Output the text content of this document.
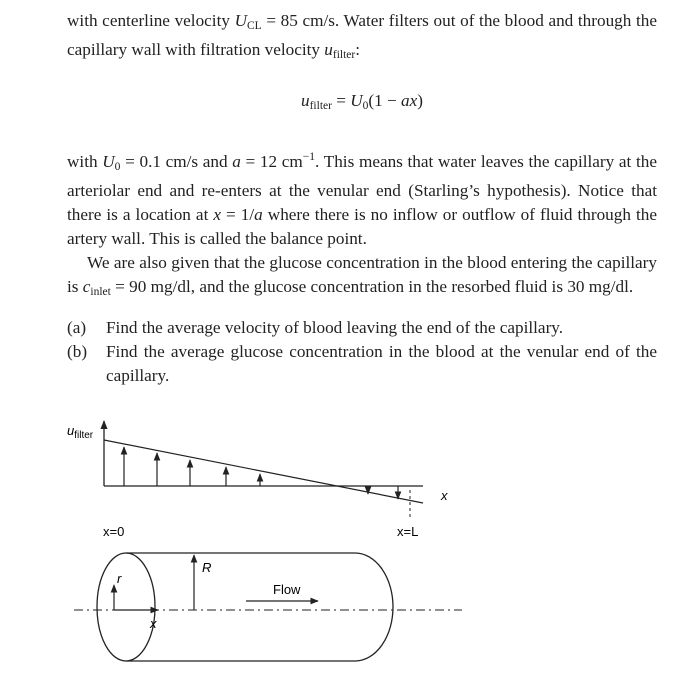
with centerline velocity $U_{CL} = 85$ cm/s. Water filters out of the blood and through the capillary wall with filtration velocity $u_{filter}$:

$u_{filter} = U_0(1 - ax)$

with $U_0 = 0.1$ cm/s and a = 12 $cm^{-1}$. This means that water leaves the capillary at the arteriolar end and re-enters at the venular end (Starling’s hypothesis). Notice that there is a location at x = 1/a where there is no inflow or outflow of fluid through the artery wall. This is called the balance point.

We are also given that the glucose concentration in the blood entering the capillary is $c_{inlet} = 90$ mg/dl, and the glucose concentration in the resorbed fluid is 30 mg/dl.

(a) Find the average velocity of blood leaving the end of the capillary.

(b) Find the average glucose concentration in the blood at the venular end of the capillary.

$u_{filter}$
x
x=0	x=L
r
x
R
Flow
